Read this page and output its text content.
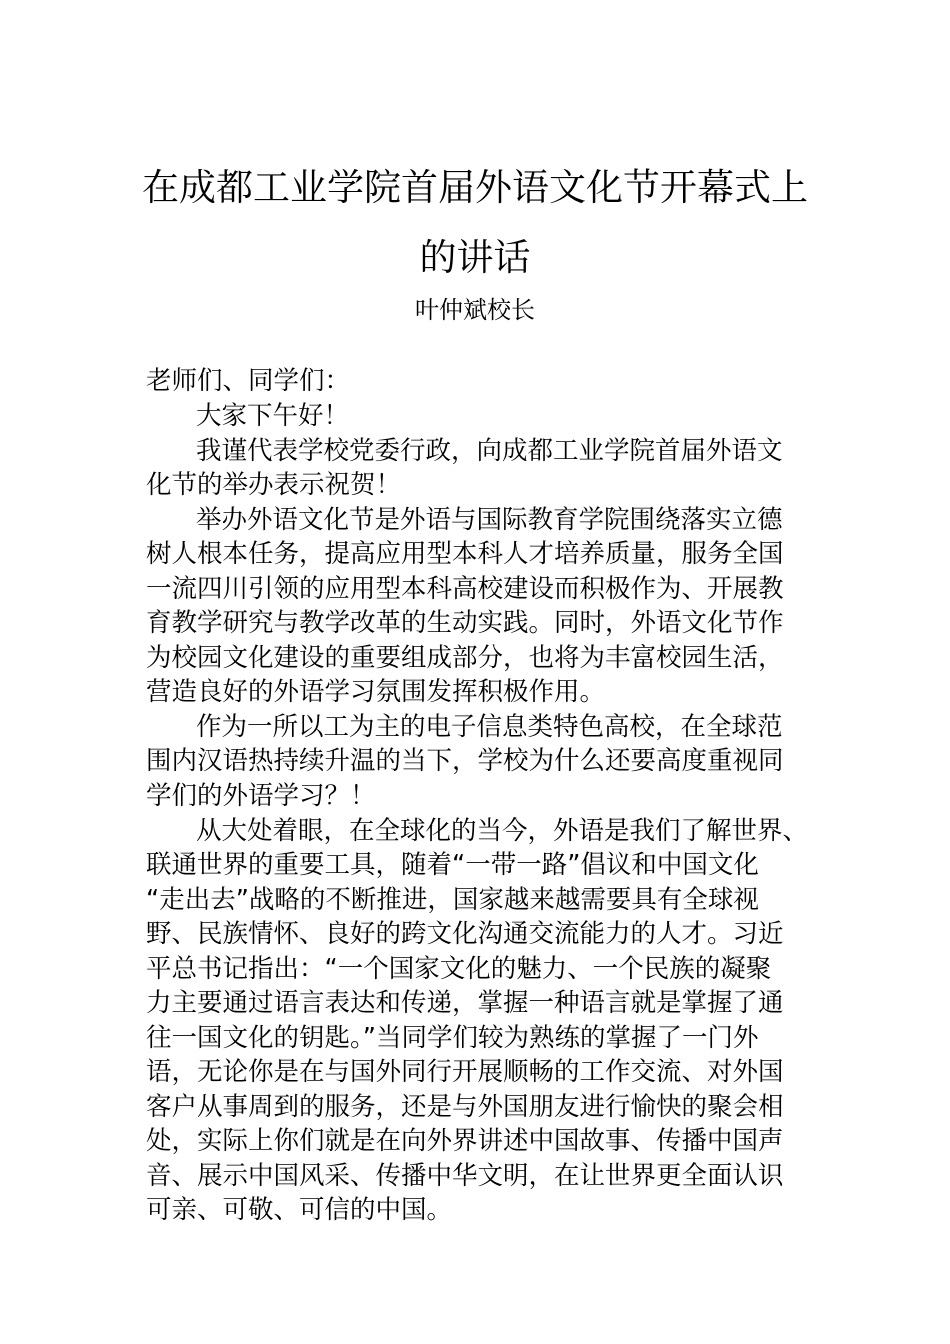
在成都工业学院首届外语文化节开幕式上
的讲话
叶仲斌校长
老师们、同学们：
大家下午好！
我谨代表学校党委行政，向成都工业学院首届外语文
化节的举办表示祝贺！
举办外语文化节是外语与国际教育学院围绕落实立德
树人根本任务，提高应用型本科人才培养质量，服务全国
一流四川引领的应用型本科高校建设而积极作为、开展教
育教学研究与教学改革的生动实践。同时，外语文化节作
为校园文化建设的重要组成部分，也将为丰富校园生活，
营造良好的外语学习氛围发挥积极作用。
作为一所以工为主的电子信息类特色高校，在全球范
围内汉语热持续升温的当下，学校为什么还要高度重视同
学们的外语学习？！
从大处着眼，在全球化的当今，外语是我们了解世界、
联通世界的重要工具，随着“一带一路”倡议和中国文化
“走出去”战略的不断推进，国家越来越需要具有全球视
野、民族情怀、良好的跨文化沟通交流能力的人才。习近
平总书记指出：“一个国家文化的魅力、一个民族的凝聚
力主要通过语言表达和传递，掌握一种语言就是掌握了通
往一国文化的钥匙。”当同学们较为熟练的掌握了一门外
语，无论你是在与国外同行开展顺畅的工作交流、对外国
客户从事周到的服务，还是与外国朋友进行愉快的聚会相
处，实际上你们就是在向外界讲述中国故事、传播中国声
音、展示中国风采、传播中华文明，在让世界更全面认识
可亲、可敬、可信的中国。
